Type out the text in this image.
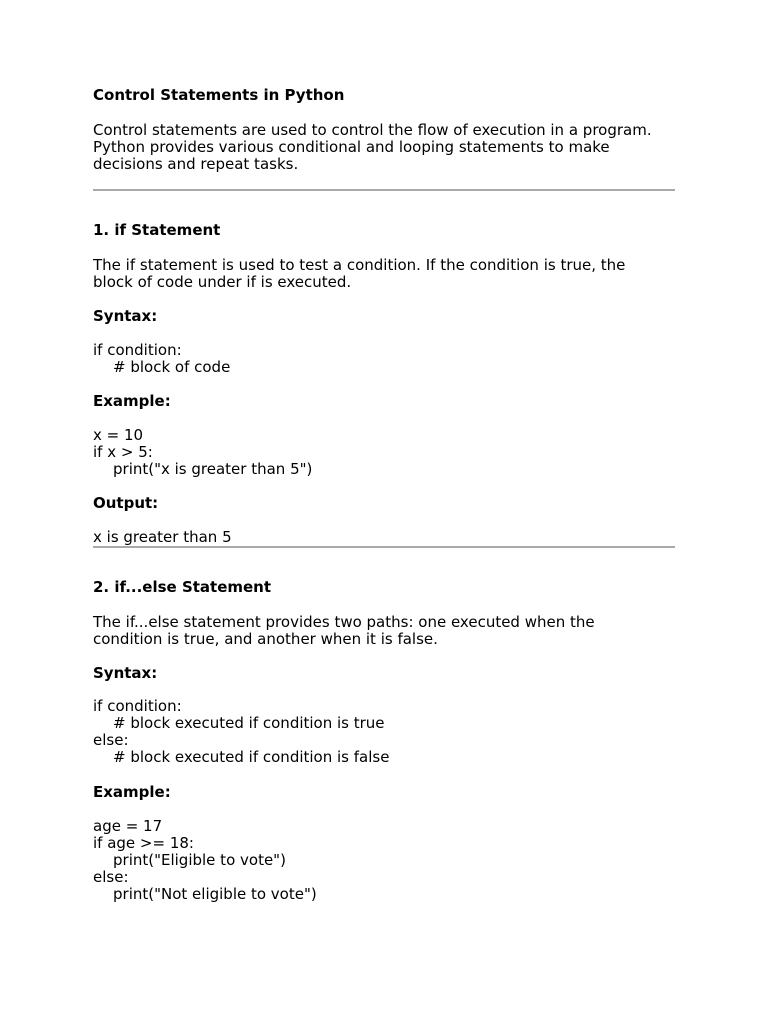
Control Statements in Python

Control statements are used to control the flow of execution in a program.

Python provides various conditional and looping statements to make

decisions and repeat tasks.

1. if Statement

The if statement is used to test a condition. If the condition is true, the

block of code under if is executed.

Syntax:

if condition:

# block of code

Example:

x = 10

if x > 5:

print("x is greater than 5")

Output:

x is greater than 5

2. if...else Statement

The if...else statement provides two paths: one executed when the

condition is true, and another when it is false.

Syntax:

if condition:

# block executed if condition is true

else:

# block executed if condition is false

Example:

age = 17

if age >= 18:

print("Eligible to vote")

else:

print("Not eligible to vote")
